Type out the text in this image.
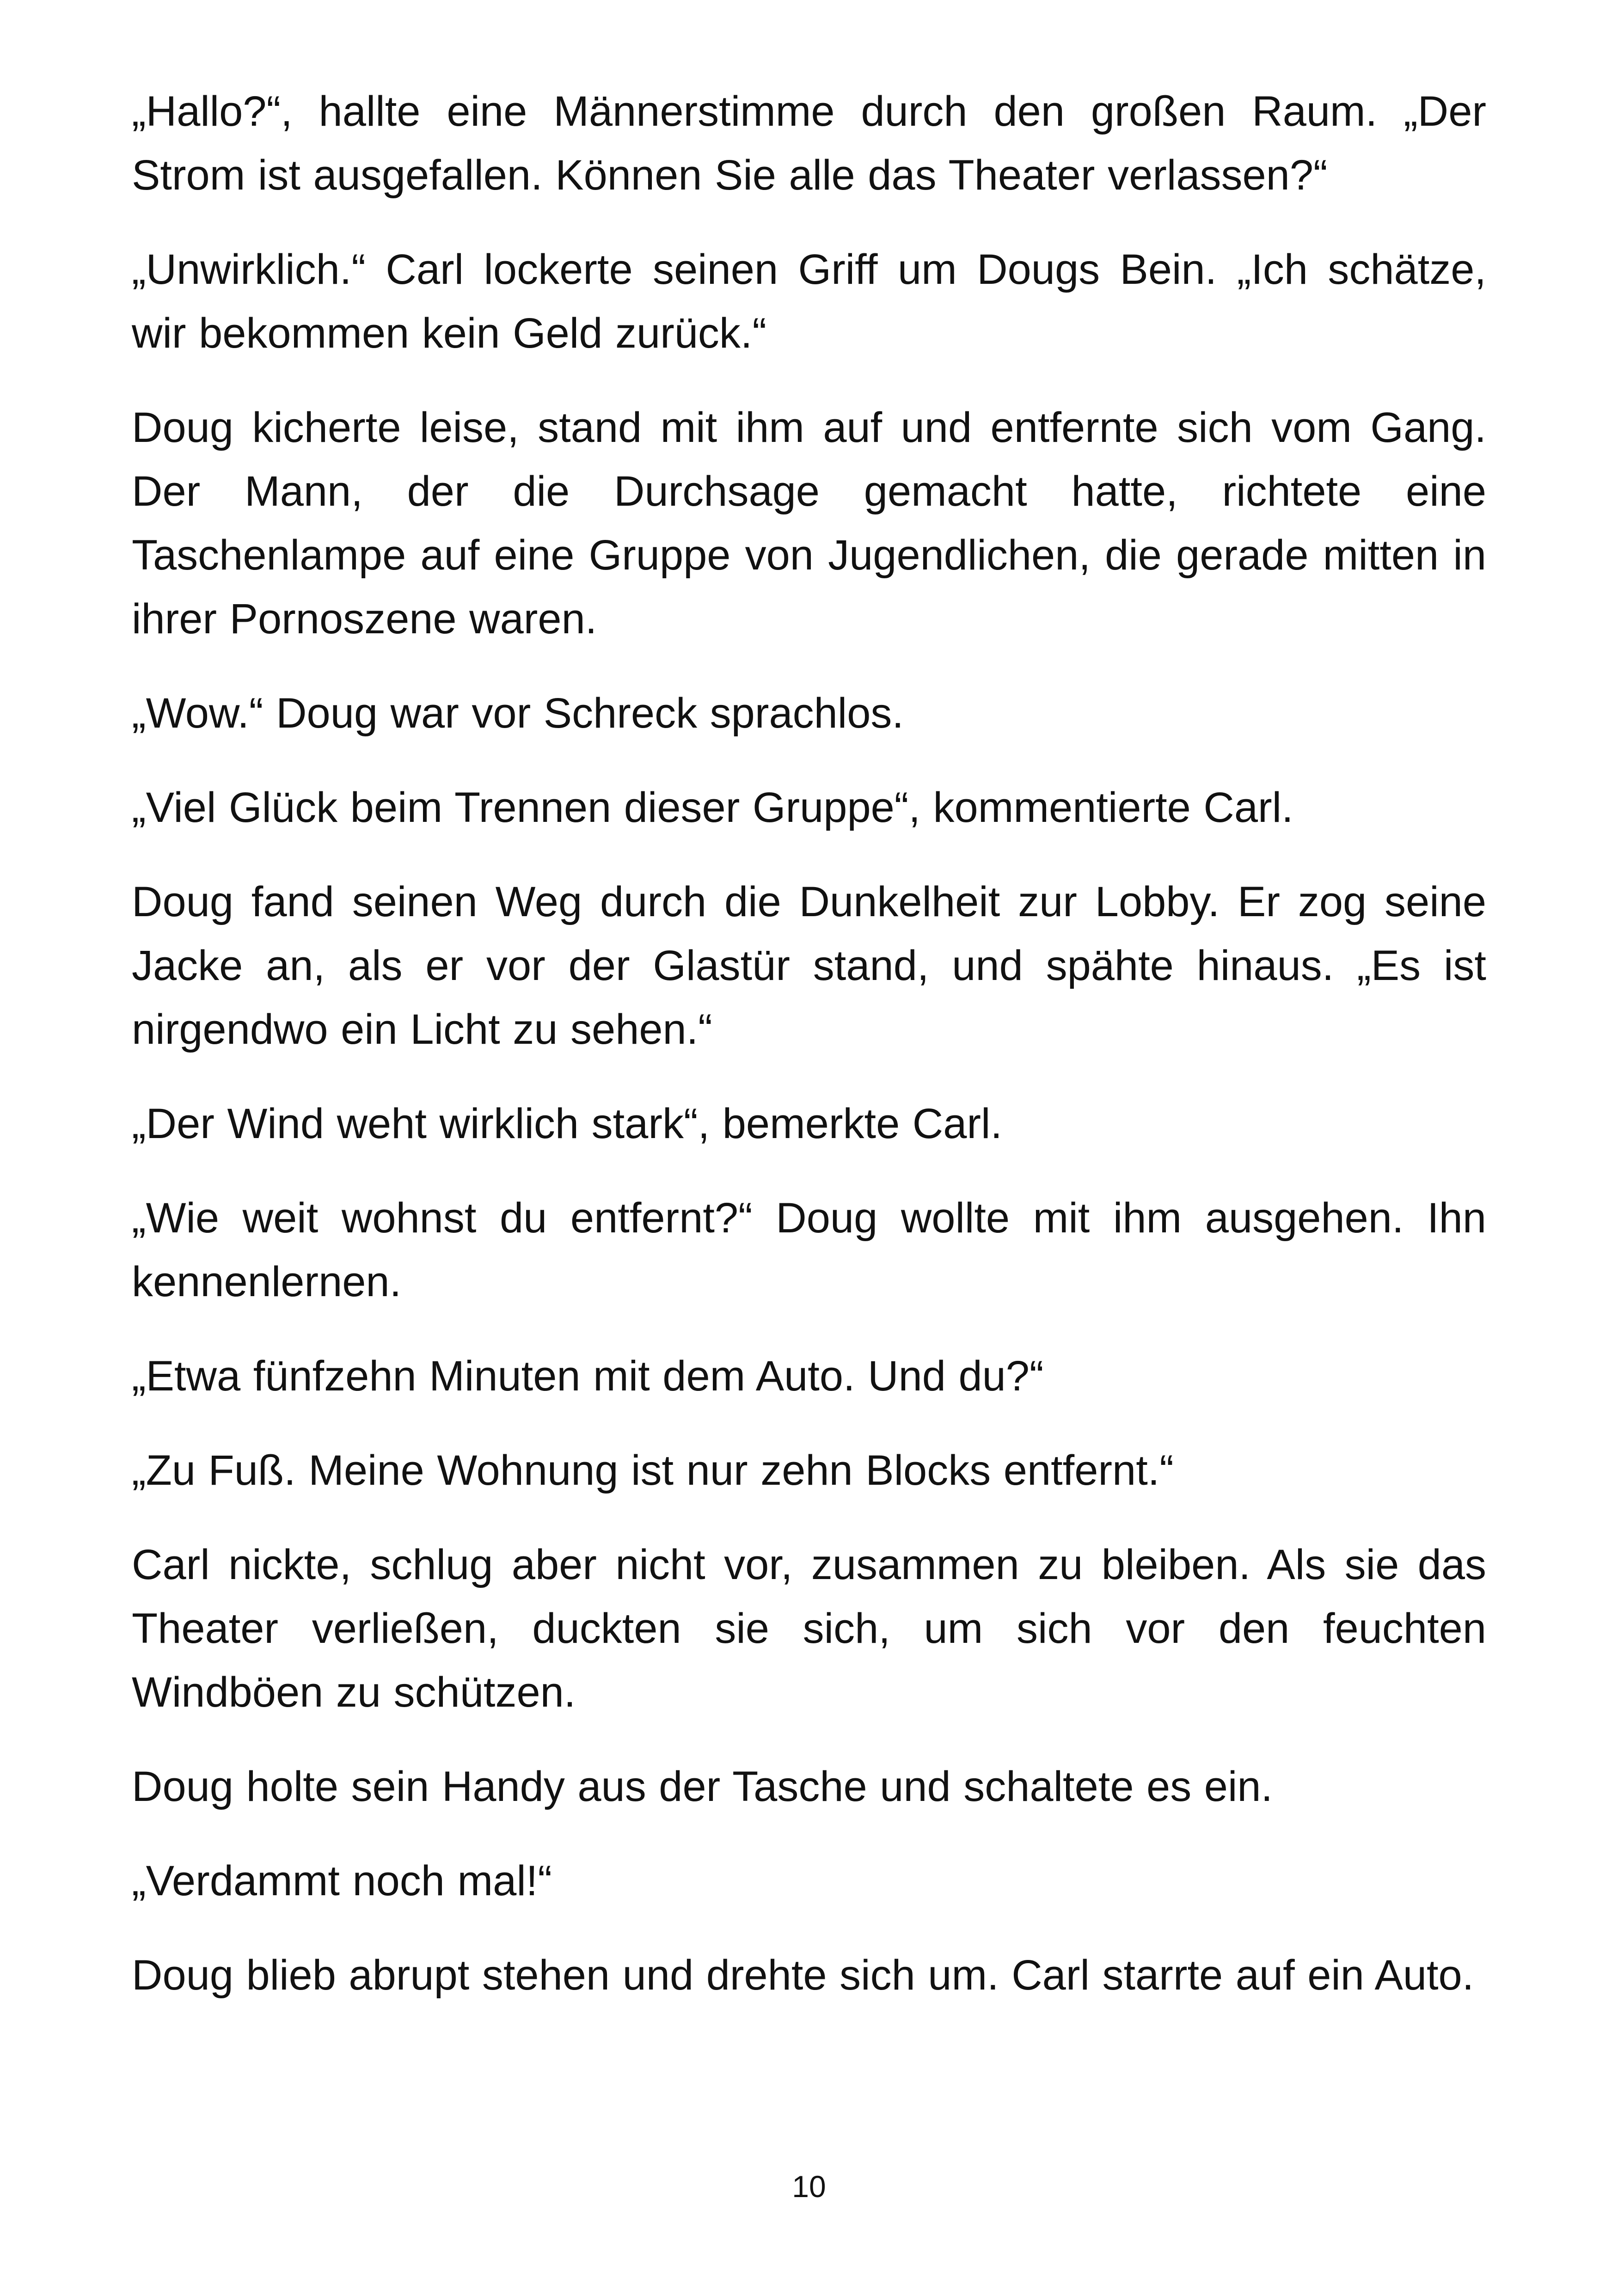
„Hallo?“, hallte eine Männerstimme durch den großen Raum. „Der Strom ist ausgefallen. Können Sie alle das Theater verlassen?“

„Unwirklich.“ Carl lockerte seinen Griff um Dougs Bein. „Ich schätze, wir bekommen kein Geld zurück.“

Doug kicherte leise, stand mit ihm auf und entfernte sich vom Gang. Der Mann, der die Durchsage gemacht hatte, richtete eine Taschenlampe auf eine Gruppe von Jugendlichen, die gerade mitten in ihrer Pornoszene waren.

„Wow.“ Doug war vor Schreck sprachlos.

„Viel Glück beim Trennen dieser Gruppe“, kommentierte Carl.

Doug fand seinen Weg durch die Dunkelheit zur Lobby. Er zog seine Jacke an, als er vor der Glastür stand, und spähte hinaus. „Es ist nirgendwo ein Licht zu sehen.“

„Der Wind weht wirklich stark“, bemerkte Carl.

„Wie weit wohnst du entfernt?“ Doug wollte mit ihm ausgehen. Ihn kennenlernen.

„Etwa fünfzehn Minuten mit dem Auto. Und du?“

„Zu Fuß. Meine Wohnung ist nur zehn Blocks entfernt.“

Carl nickte, schlug aber nicht vor, zusammen zu bleiben. Als sie das Theater verließen, duckten sie sich, um sich vor den feuchten Windböen zu schützen.

Doug holte sein Handy aus der Tasche und schaltete es ein.

„Verdammt noch mal!“

Doug blieb abrupt stehen und drehte sich um. Carl starrte auf ein Auto.

10
